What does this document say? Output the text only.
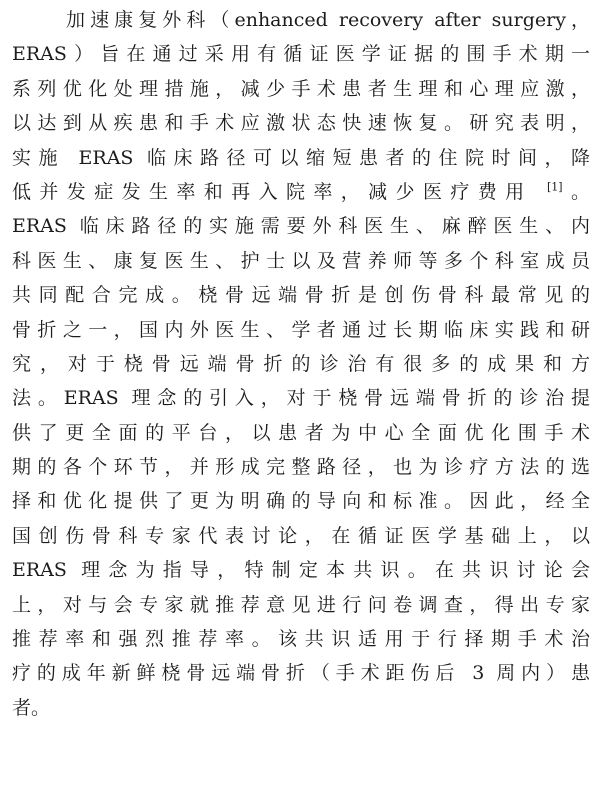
加速康复外科（enhanced recovery after surgery，
ERAS）旨在通过采用有循证医学证据的围手术期一
系列优化处理措施，减少手术患者生理和心理应激，
以达到从疾患和手术应激状态快速恢复。研究表明，
实施 ERAS 临床路径可以缩短患者的住院时间，降
低并发症发生率和再入院率，减少医疗费用 [1]。
ERAS 临床路径的实施需要外科医生、麻醉医生、内
科医生、康复医生、护士以及营养师等多个科室成员
共同配合完成。桡骨远端骨折是创伤骨科最常见的
骨折之一，国内外医生、学者通过长期临床实践和研
究，对于桡骨远端骨折的诊治有很多的成果和方
法。ERAS 理念的引入，对于桡骨远端骨折的诊治提
供了更全面的平台，以患者为中心全面优化围手术
期的各个环节，并形成完整路径，也为诊疗方法的选
择和优化提供了更为明确的导向和标准。因此，经全
国创伤骨科专家代表讨论，在循证医学基础上，以
ERAS 理念为指导，特制定本共识。在共识讨论会
上，对与会专家就推荐意见进行问卷调查，得出专家
推荐率和强烈推荐率。该共识适用于行择期手术治
疗的成年新鲜桡骨远端骨折（手术距伤后 3 周内）患
者。
